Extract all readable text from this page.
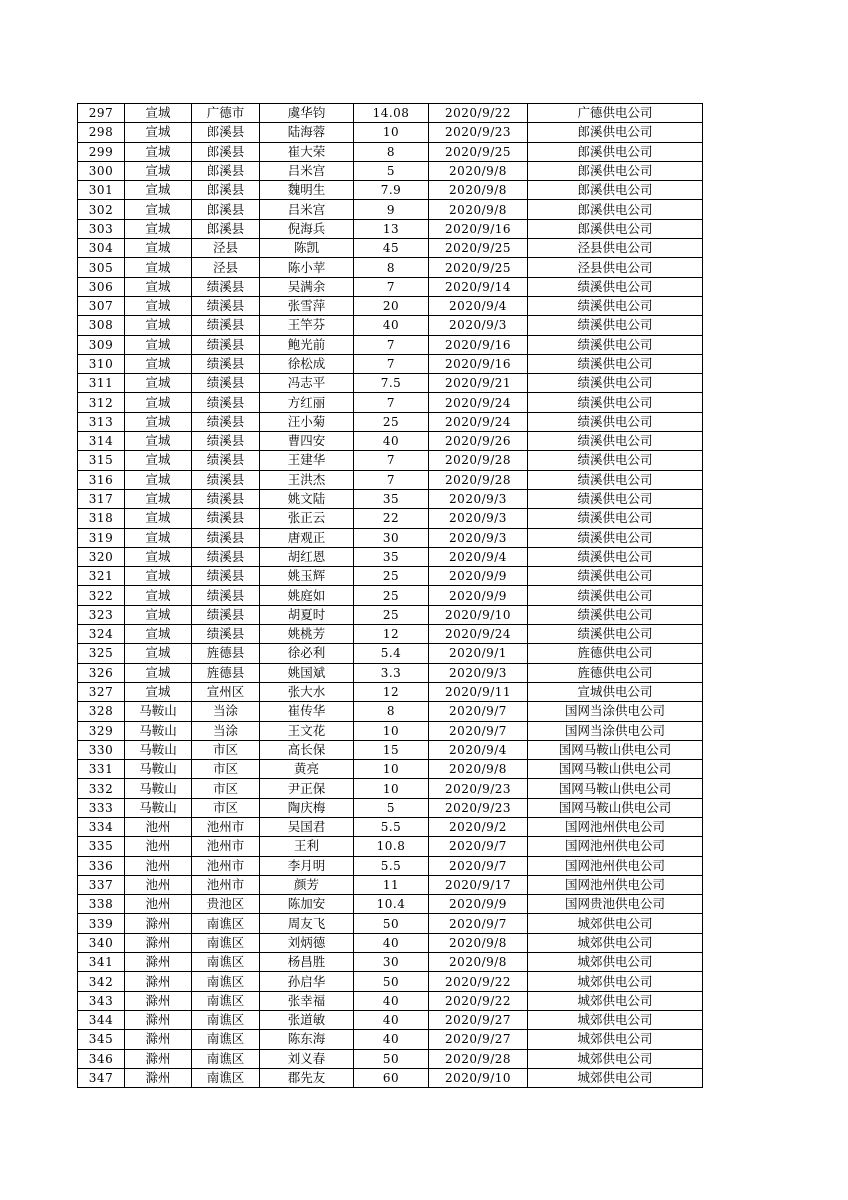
297	宣城	广德市	虞华钧	14.08	2020/9/22	广德供电公司
298	宣城	郎溪县	陆海蓉	10	2020/9/23	郎溪供电公司
299	宣城	郎溪县	崔大荣	8	2020/9/25	郎溪供电公司
300	宣城	郎溪县	吕米宫	5	2020/9/8	郎溪供电公司
301	宣城	郎溪县	魏明生	7.9	2020/9/8	郎溪供电公司
302	宣城	郎溪县	吕米宫	9	2020/9/8	郎溪供电公司
303	宣城	郎溪县	倪海兵	13	2020/9/16	郎溪供电公司
304	宣城	泾县	陈凯	45	2020/9/25	泾县供电公司
305	宣城	泾县	陈小苹	8	2020/9/25	泾县供电公司
306	宣城	绩溪县	吴满余	7	2020/9/14	绩溪供电公司
307	宣城	绩溪县	张雪萍	20	2020/9/4	绩溪供电公司
308	宣城	绩溪县	王竿芬	40	2020/9/3	绩溪供电公司
309	宣城	绩溪县	鲍光前	7	2020/9/16	绩溪供电公司
310	宣城	绩溪县	徐松成	7	2020/9/16	绩溪供电公司
311	宣城	绩溪县	冯志平	7.5	2020/9/21	绩溪供电公司
312	宣城	绩溪县	方红丽	7	2020/9/24	绩溪供电公司
313	宣城	绩溪县	汪小菊	25	2020/9/24	绩溪供电公司
314	宣城	绩溪县	曹四安	40	2020/9/26	绩溪供电公司
315	宣城	绩溪县	王建华	7	2020/9/28	绩溪供电公司
316	宣城	绩溪县	王洪杰	7	2020/9/28	绩溪供电公司
317	宣城	绩溪县	姚文陆	35	2020/9/3	绩溪供电公司
318	宣城	绩溪县	张正云	22	2020/9/3	绩溪供电公司
319	宣城	绩溪县	唐观正	30	2020/9/3	绩溪供电公司
320	宣城	绩溪县	胡红恩	35	2020/9/4	绩溪供电公司
321	宣城	绩溪县	姚玉辉	25	2020/9/9	绩溪供电公司
322	宣城	绩溪县	姚庭如	25	2020/9/9	绩溪供电公司
323	宣城	绩溪县	胡夏时	25	2020/9/10	绩溪供电公司
324	宣城	绩溪县	姚桃芳	12	2020/9/24	绩溪供电公司
325	宣城	旌德县	徐必利	5.4	2020/9/1	旌德供电公司
326	宣城	旌德县	姚国斌	3.3	2020/9/3	旌德供电公司
327	宣城	宣州区	张大水	12	2020/9/11	宣城供电公司
328	马鞍山	当涂	崔传华	8	2020/9/7	国网当涂供电公司
329	马鞍山	当涂	王文花	10	2020/9/7	国网当涂供电公司
330	马鞍山	市区	高长保	15	2020/9/4	国网马鞍山供电公司
331	马鞍山	市区	黄亮	10	2020/9/8	国网马鞍山供电公司
332	马鞍山	市区	尹正保	10	2020/9/23	国网马鞍山供电公司
333	马鞍山	市区	陶庆梅	5	2020/9/23	国网马鞍山供电公司
334	池州	池州市	吴国君	5.5	2020/9/2	国网池州供电公司
335	池州	池州市	王利	10.8	2020/9/7	国网池州供电公司
336	池州	池州市	李月明	5.5	2020/9/7	国网池州供电公司
337	池州	池州市	颜芳	11	2020/9/17	国网池州供电公司
338	池州	贵池区	陈加安	10.4	2020/9/9	国网贵池供电公司
339	滁州	南谯区	周友飞	50	2020/9/7	城郊供电公司
340	滁州	南谯区	刘炳德	40	2020/9/8	城郊供电公司
341	滁州	南谯区	杨昌胜	30	2020/9/8	城郊供电公司
342	滁州	南谯区	孙启华	50	2020/9/22	城郊供电公司
343	滁州	南谯区	张幸福	40	2020/9/22	城郊供电公司
344	滁州	南谯区	张道敏	40	2020/9/27	城郊供电公司
345	滁州	南谯区	陈东海	40	2020/9/27	城郊供电公司
346	滁州	南谯区	刘义春	50	2020/9/28	城郊供电公司
347	滁州	南谯区	郡先友	60	2020/9/10	城郊供电公司
